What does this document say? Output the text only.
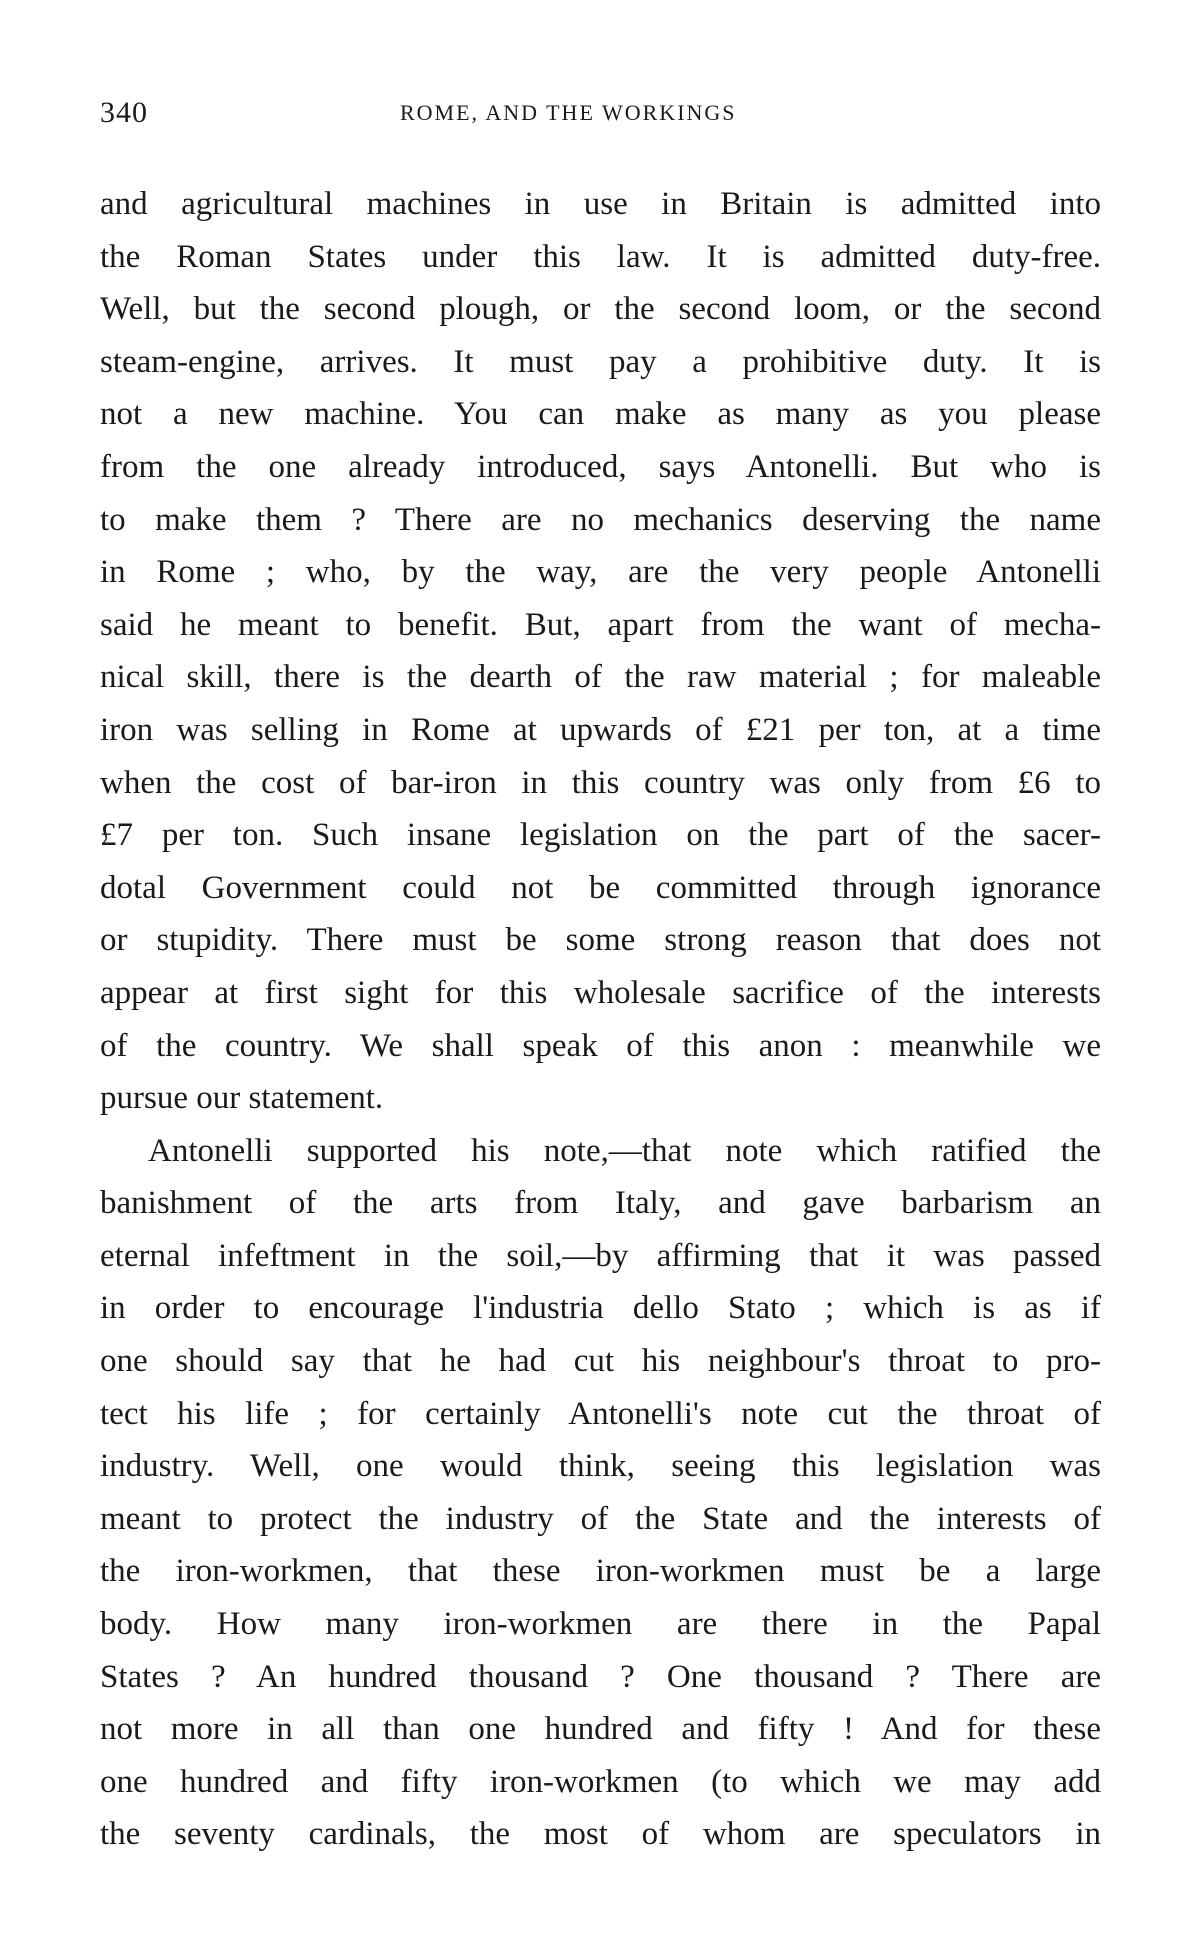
340	ROME, AND THE WORKINGS
and agricultural machines in use in Britain is admitted into
the Roman States under this law. It is admitted duty-free.
Well, but the second plough, or the second loom, or the second
steam-engine, arrives. It must pay a prohibitive duty. It is
not a new machine. You can make as many as you please
from the one already introduced, says Antonelli. But who is
to make them ? There are no mechanics deserving the name
in Rome ; who, by the way, are the very people Antonelli
said he meant to benefit. But, apart from the want of mecha-
nical skill, there is the dearth of the raw material ; for maleable
iron was selling in Rome at upwards of £21 per ton, at a time
when the cost of bar-iron in this country was only from £6 to
£7 per ton. Such insane legislation on the part of the sacer-
dotal Government could not be committed through ignorance
or stupidity. There must be some strong reason that does not
appear at first sight for this wholesale sacrifice of the interests
of the country. We shall speak of this anon : meanwhile we
pursue our statement.
Antonelli supported his note,—that note which ratified the
banishment of the arts from Italy, and gave barbarism an
eternal infeftment in the soil,—by affirming that it was passed
in order to encourage l'industria dello Stato ; which is as if
one should say that he had cut his neighbour's throat to pro-
tect his life ; for certainly Antonelli's note cut the throat of
industry. Well, one would think, seeing this legislation was
meant to protect the industry of the State and the interests of
the iron-workmen, that these iron-workmen must be a large
body. How many iron-workmen are there in the Papal
States ? An hundred thousand ? One thousand ? There are
not more in all than one hundred and fifty ! And for these
one hundred and fifty iron-workmen (to which we may add
the seventy cardinals, the most of whom are speculators in
